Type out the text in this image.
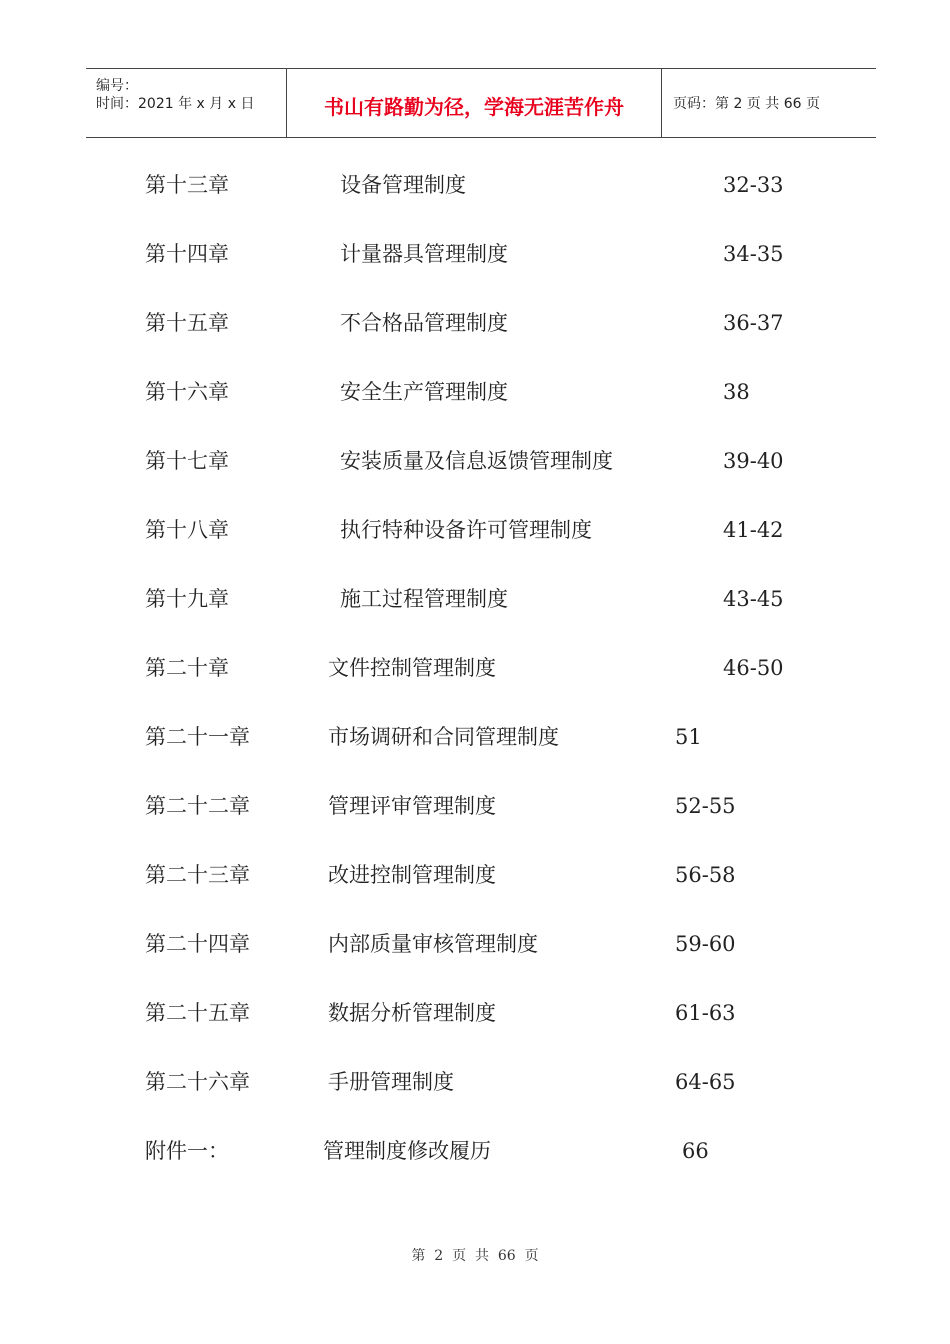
编号：
时间：2021 年 x 月 x 日	书山有路勤为径，学海无涯苦作舟	页码：第 2 页 共 66 页
第十三章	设备管理制度	32-33
第十四章	计量器具管理制度	34-35
第十五章	不合格品管理制度	36-37
第十六章	安全生产管理制度	38
第十七章	安装质量及信息返馈管理制度	39-40
第十八章	执行特种设备许可管理制度	41-42
第十九章	施工过程管理制度	43-45
第二十章	文件控制管理制度	46-50
第二十一章	市场调研和合同管理制度	51
第二十二章	管理评审管理制度	52-55
第二十三章	改进控制管理制度	56-58
第二十四章	内部质量审核管理制度	59-60
第二十五章	数据分析管理制度	61-63
第二十六章	手册管理制度	64-65
附件一：	管理制度修改履历	66
第  2  页  共  66  页
